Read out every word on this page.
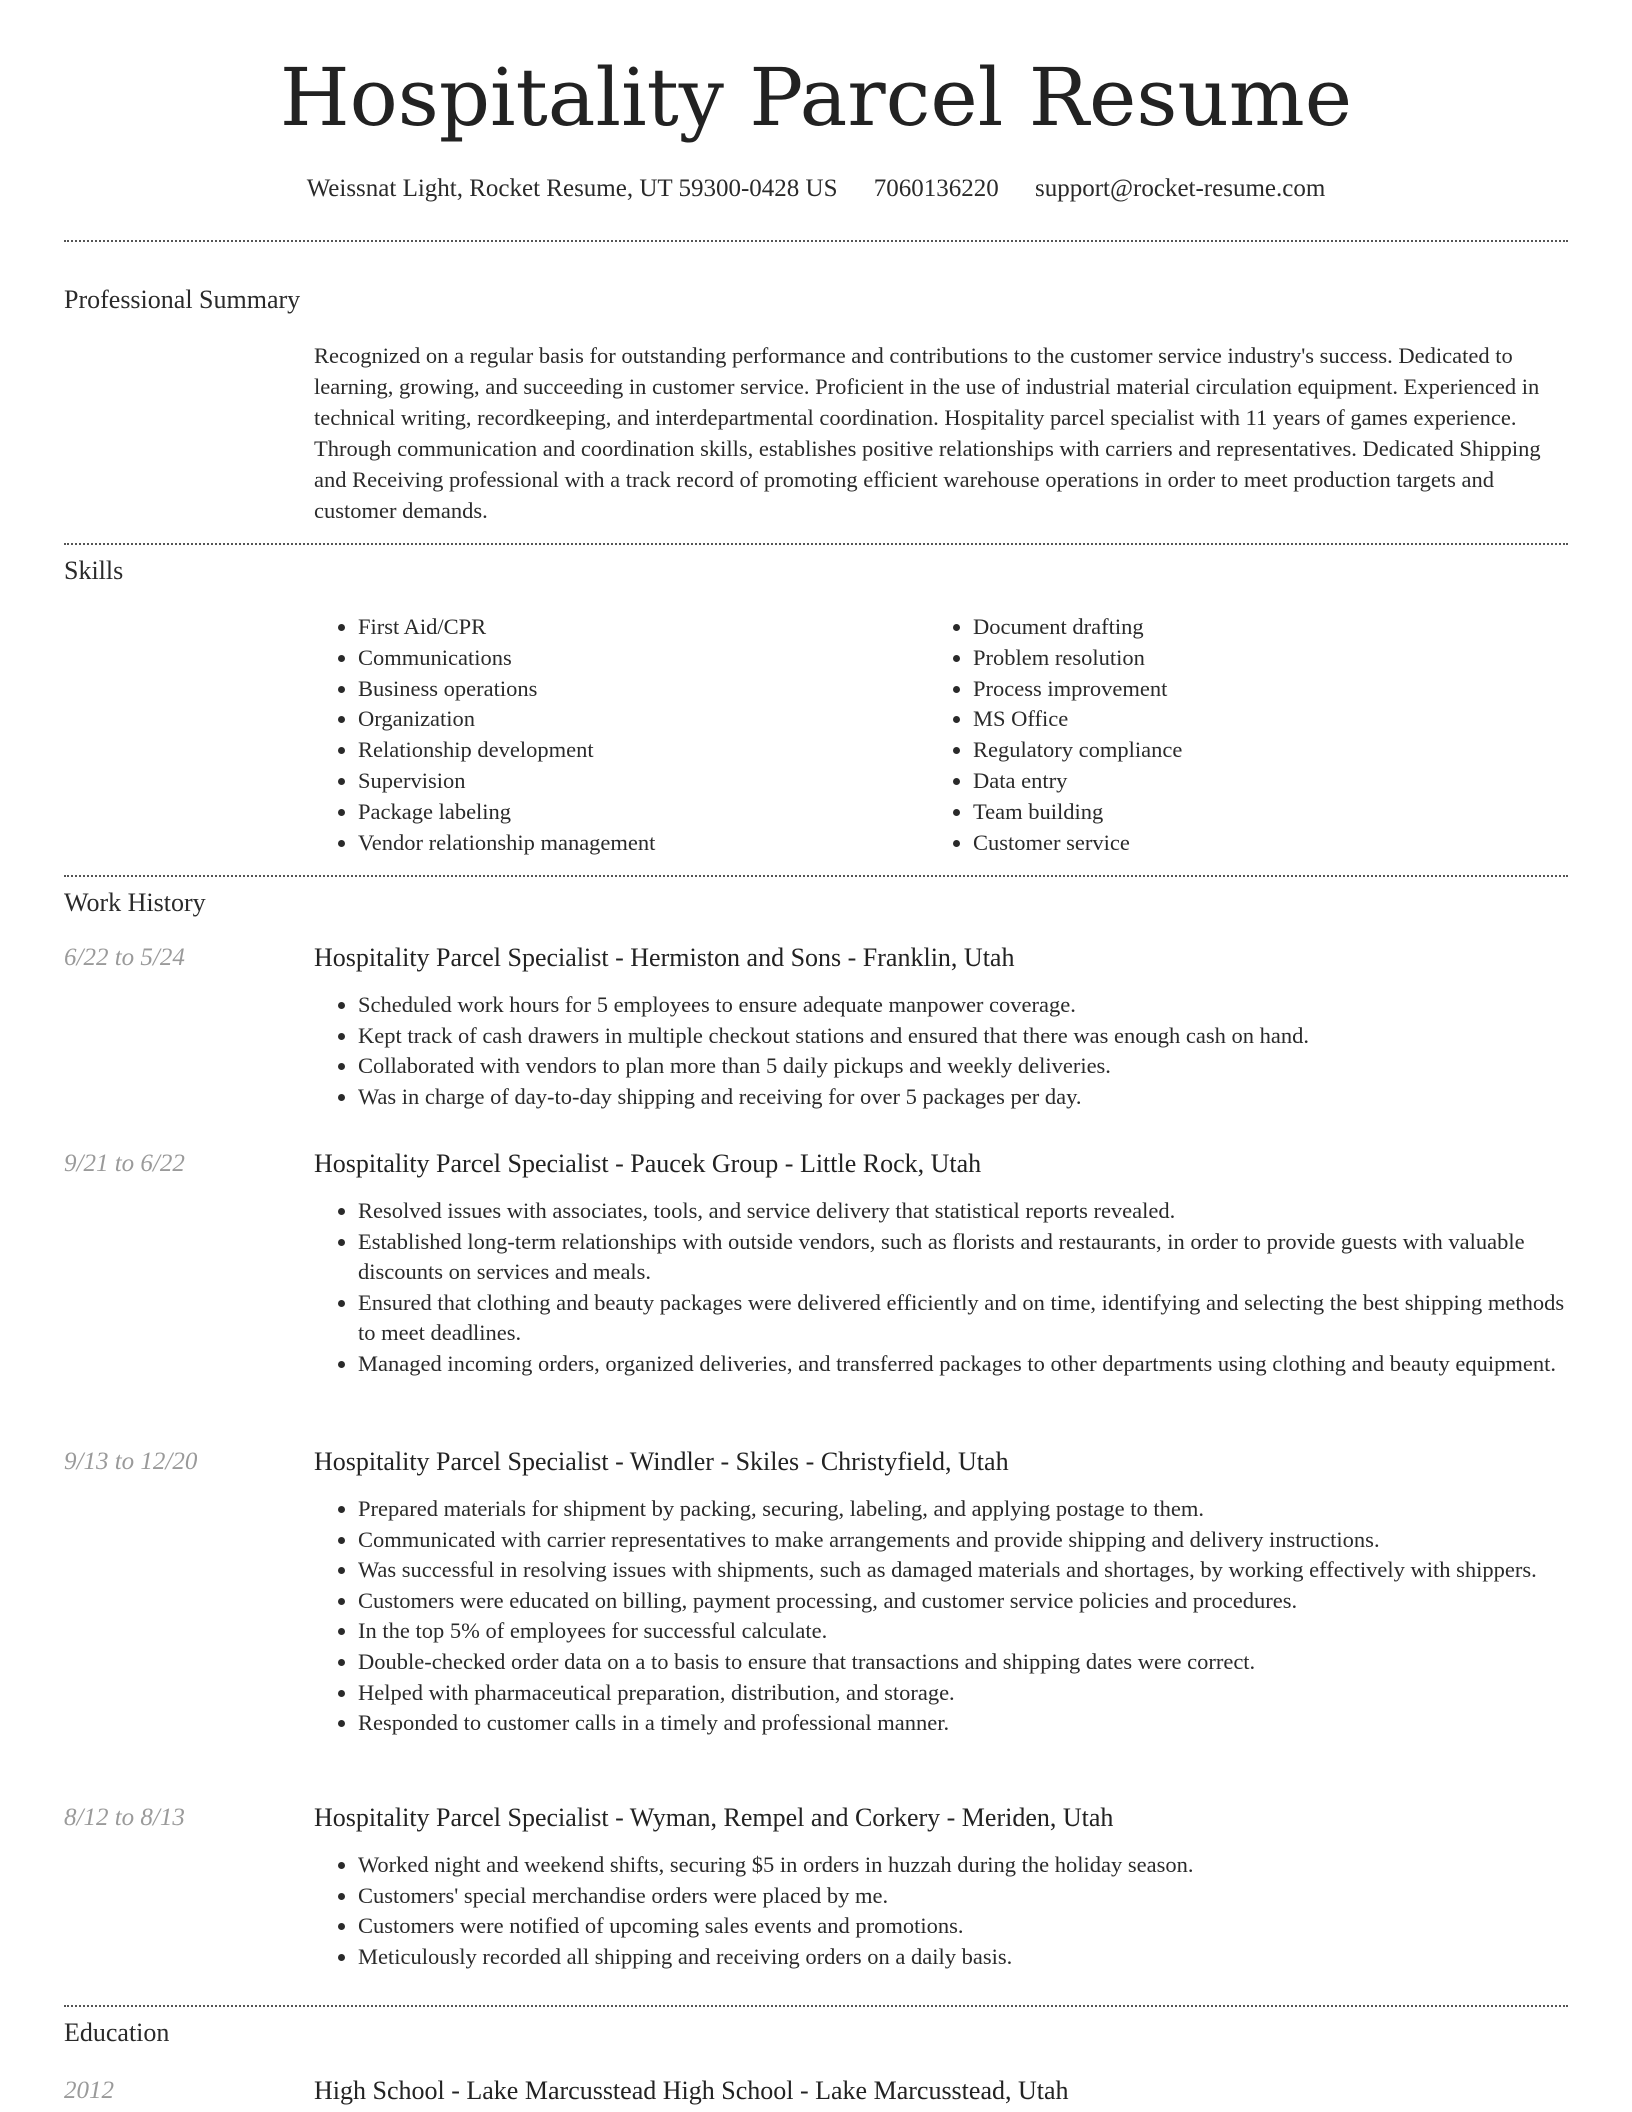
Hospitality Parcel Resume
Weissnat Light, Rocket Resume, UT 59300-0428 US 7060136220 support@rocket-resume.com
Professional Summary
Recognized on a regular basis for outstanding performance and contributions to the customer service industry's success. Dedicated to learning, growing, and succeeding in customer service. Proficient in the use of industrial material circulation equipment. Experienced in technical writing, recordkeeping, and interdepartmental coordination. Hospitality parcel specialist with 11 years of games experience. Through communication and coordination skills, establishes positive relationships with carriers and representatives. Dedicated Shipping and Receiving professional with a track record of promoting efficient warehouse operations in order to meet production targets and customer demands.
Skills
• First Aid/CPR
• Communications
• Business operations
• Organization
• Relationship development
• Supervision
• Package labeling
• Vendor relationship management
• Document drafting
• Problem resolution
• Process improvement
• MS Office
• Regulatory compliance
• Data entry
• Team building
• Customer service
Work History
6/22 to 5/24	Hospitality Parcel Specialist - Hermiston and Sons - Franklin, Utah
• Scheduled work hours for 5 employees to ensure adequate manpower coverage.
• Kept track of cash drawers in multiple checkout stations and ensured that there was enough cash on hand.
• Collaborated with vendors to plan more than 5 daily pickups and weekly deliveries.
• Was in charge of day-to-day shipping and receiving for over 5 packages per day.
9/21 to 6/22	Hospitality Parcel Specialist - Paucek Group - Little Rock, Utah
• Resolved issues with associates, tools, and service delivery that statistical reports revealed.
• Established long-term relationships with outside vendors, such as florists and restaurants, in order to provide guests with valuable discounts on services and meals.
• Ensured that clothing and beauty packages were delivered efficiently and on time, identifying and selecting the best shipping methods to meet deadlines.
• Managed incoming orders, organized deliveries, and transferred packages to other departments using clothing and beauty equipment.
9/13 to 12/20	Hospitality Parcel Specialist - Windler - Skiles - Christyfield, Utah
• Prepared materials for shipment by packing, securing, labeling, and applying postage to them.
• Communicated with carrier representatives to make arrangements and provide shipping and delivery instructions.
• Was successful in resolving issues with shipments, such as damaged materials and shortages, by working effectively with shippers.
• Customers were educated on billing, payment processing, and customer service policies and procedures.
• In the top 5% of employees for successful calculate.
• Double-checked order data on a to basis to ensure that transactions and shipping dates were correct.
• Helped with pharmaceutical preparation, distribution, and storage.
• Responded to customer calls in a timely and professional manner.
8/12 to 8/13	Hospitality Parcel Specialist - Wyman, Rempel and Corkery - Meriden, Utah
• Worked night and weekend shifts, securing $5 in orders in huzzah during the holiday season.
• Customers' special merchandise orders were placed by me.
• Customers were notified of upcoming sales events and promotions.
• Meticulously recorded all shipping and receiving orders on a daily basis.
Education
2012	High School - Lake Marcusstead High School - Lake Marcusstead, Utah
